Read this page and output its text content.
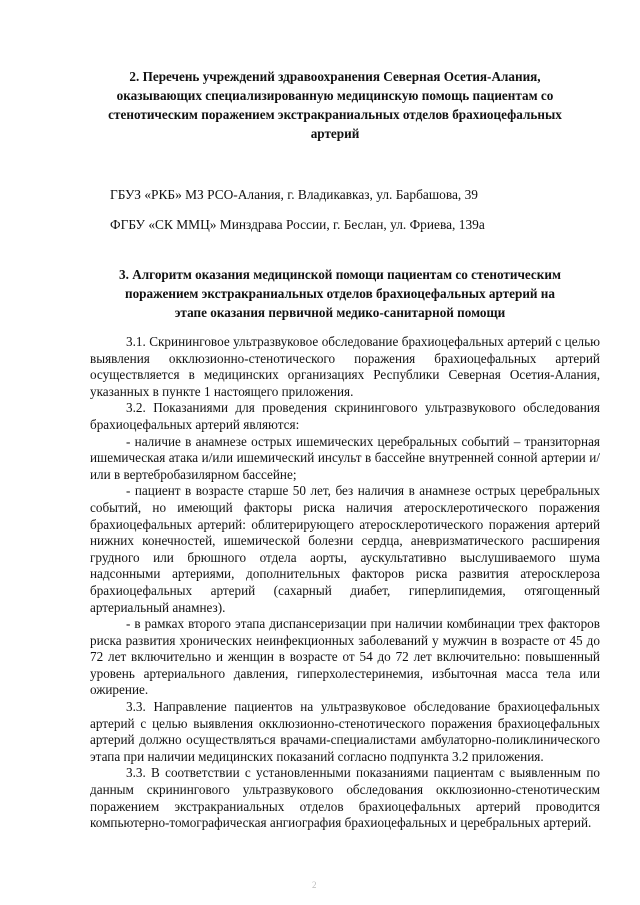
2. Перечень учреждений здравоохранения Северная Осетия-Алания, оказывающих специализированную медицинскую помощь пациентам со стенотическим поражением экстракраниальных отделов брахиоцефальных артерий
ГБУЗ «РКБ» МЗ РСО-Алания, г. Владикавказ, ул. Барбашова, 39
ФГБУ «СК ММЦ» Минздрава России, г. Беслан, ул. Фриева, 139а
3. Алгоритм оказания медицинской помощи пациентам со стенотическим поражением экстракраниальных отделов брахиоцефальных артерий на этапе оказания первичной медико-санитарной помощи

3.1. Скрининговое ультразвуковое обследование брахиоцефальных артерий с целью выявления окклюзионно-стенотического поражения брахиоцефальных артерий осуществляется в медицинских организациях Республики Северная Осетия-Алания, указанных в пункте 1 настоящего приложения.

3.2. Показаниями для проведения скринингового ультразвукового обследования брахиоцефальных артерий являются:

- наличие в анамнезе острых ишемических церебральных событий – транзиторная ишемическая атака и/или ишемический инсульт в бассейне внутренней сонной артерии и/или в вертебробазилярном бассейне;

- пациент в возрасте старше 50 лет, без наличия в анамнезе острых церебральных событий, но имеющий факторы риска наличия атеросклеротического поражения брахиоцефальных артерий: облитерирующего атеросклеротического поражения артерий нижних конечностей, ишемической болезни сердца, аневризматического расширения грудного или брюшного отдела аорты, аускультативно выслушиваемого шума надсонными артериями, дополнительных факторов риска развития атеросклероза брахиоцефальных артерий (сахарный диабет, гиперлипидемия, отягощенный артериальный анамнез).

- в рамках второго этапа диспансеризации при наличии комбинации трех факторов риска развития хронических неинфекционных заболеваний у мужчин в возрасте от 45 до 72 лет включительно и женщин в возрасте от 54 до 72 лет включительно: повышенный уровень артериального давления, гиперхолестеринемия, избыточная масса тела или ожирение.

3.3. Направление пациентов на ультразвуковое обследование брахиоцефальных артерий с целью выявления окклюзионно-стенотического поражения брахиоцефальных артерий должно осуществляться врачами-специалистами амбулаторно-поликлинического этапа при наличии медицинских показаний согласно подпункта 3.2 приложения.

3.3. В соответствии с установленными показаниями пациентам с выявленным по данным скринингового ультразвукового обследования окклюзионно-стенотическим поражением экстракраниальных отделов брахиоцефальных артерий проводится компьютерно-томографическая ангиография брахиоцефальных и церебральных артерий.

2
